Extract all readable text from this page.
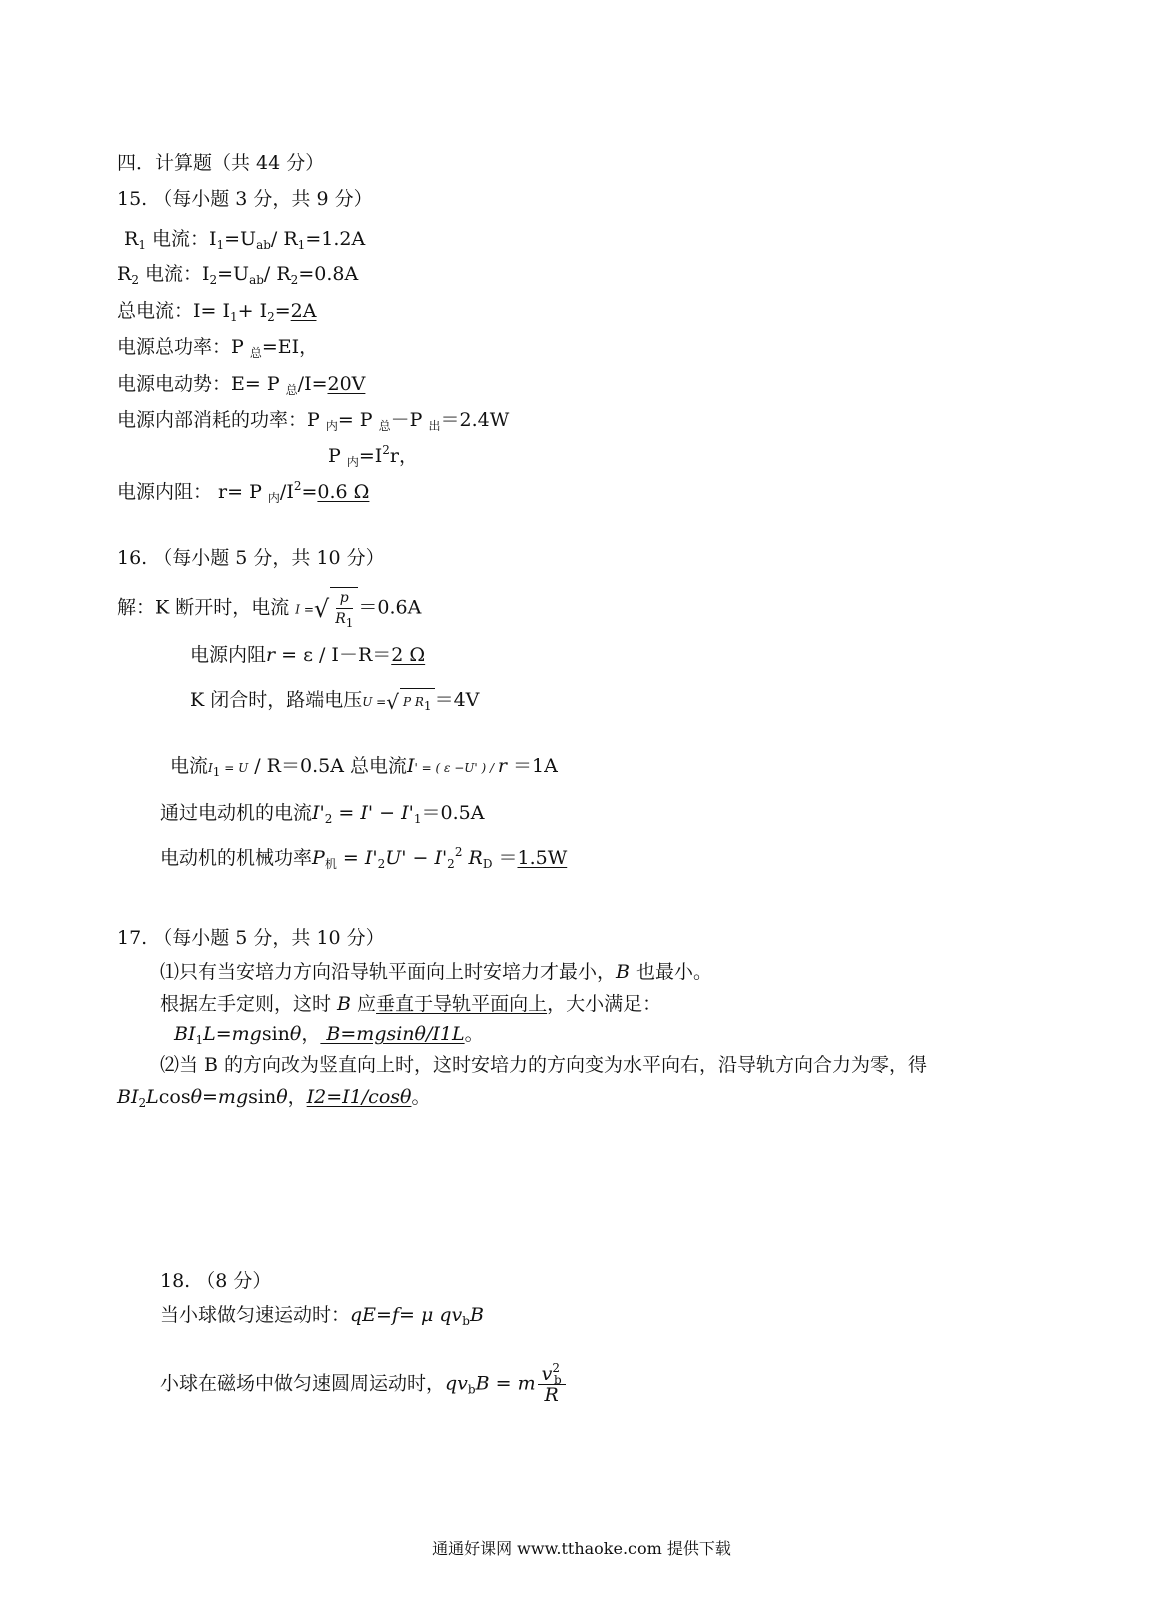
四．计算题（共 44 分）
15. （每小题 3 分，共 9 分）
$R_1$ 电流：$I_1=U_{ab}/$ $R_1=1.2A$
$R_2$ 电流：$I_2=U_{ab}/$ $R_2=0.8A$
总电流：$I= I_1+ I_2=2A$
电源总功率：P $_总$=EI，
电源电动势：E= P $_总$/I=20V
电源内部消耗的功率：P $_内$= P $_总$－P $_出$＝2.4W
P $_内=I^2r$，
电源内阻： r= P $_内/I^2=0.6$ Ω
16. （每小题 5 分，共 10 分）
解：K 断开时，电流 I =√ $\frac{p}{R_1} =0.6A$
电源内阻r = ε / I－R＝2 Ω
K 闭合时，路端电压U =√ P $R_1 =4V$
电流$I_1 = U / R=0.5A$ 总电流I' = ( ε −U' ) / r ＝1A
通过电动机的电流$I'_2 = I' - I'_1=0.5A$
电动机的机械功率$P_机 = I'_2U' - I'_2^2$ $R_D =1.5W$
17. （每小题 5 分，共 10 分）
⑴只有当安培力方向沿导轨平面向上时安培力才最小，B 也最小。
根据左手定则，这时 B 应垂直于导轨平面向上，大小满足：
$BI_1L=mgsin\theta$， B=mgsinθ/I1L。
⑵当 B 的方向改为竖直向上时，这时安培力的方向变为水平向右，沿导轨方向合力为零，得
$BI_2Lcos\theta=mgsin\theta$，I2=I1/cosθ。
18. （8 分）
当小球做匀速运动时：qE=f= μ $qv_bB$
小球在磁场中做匀速圆周运动时，$qv_bB = m \frac{v^2_b}{R}$
通通好课网 www.tthaoke.com 提供下载
